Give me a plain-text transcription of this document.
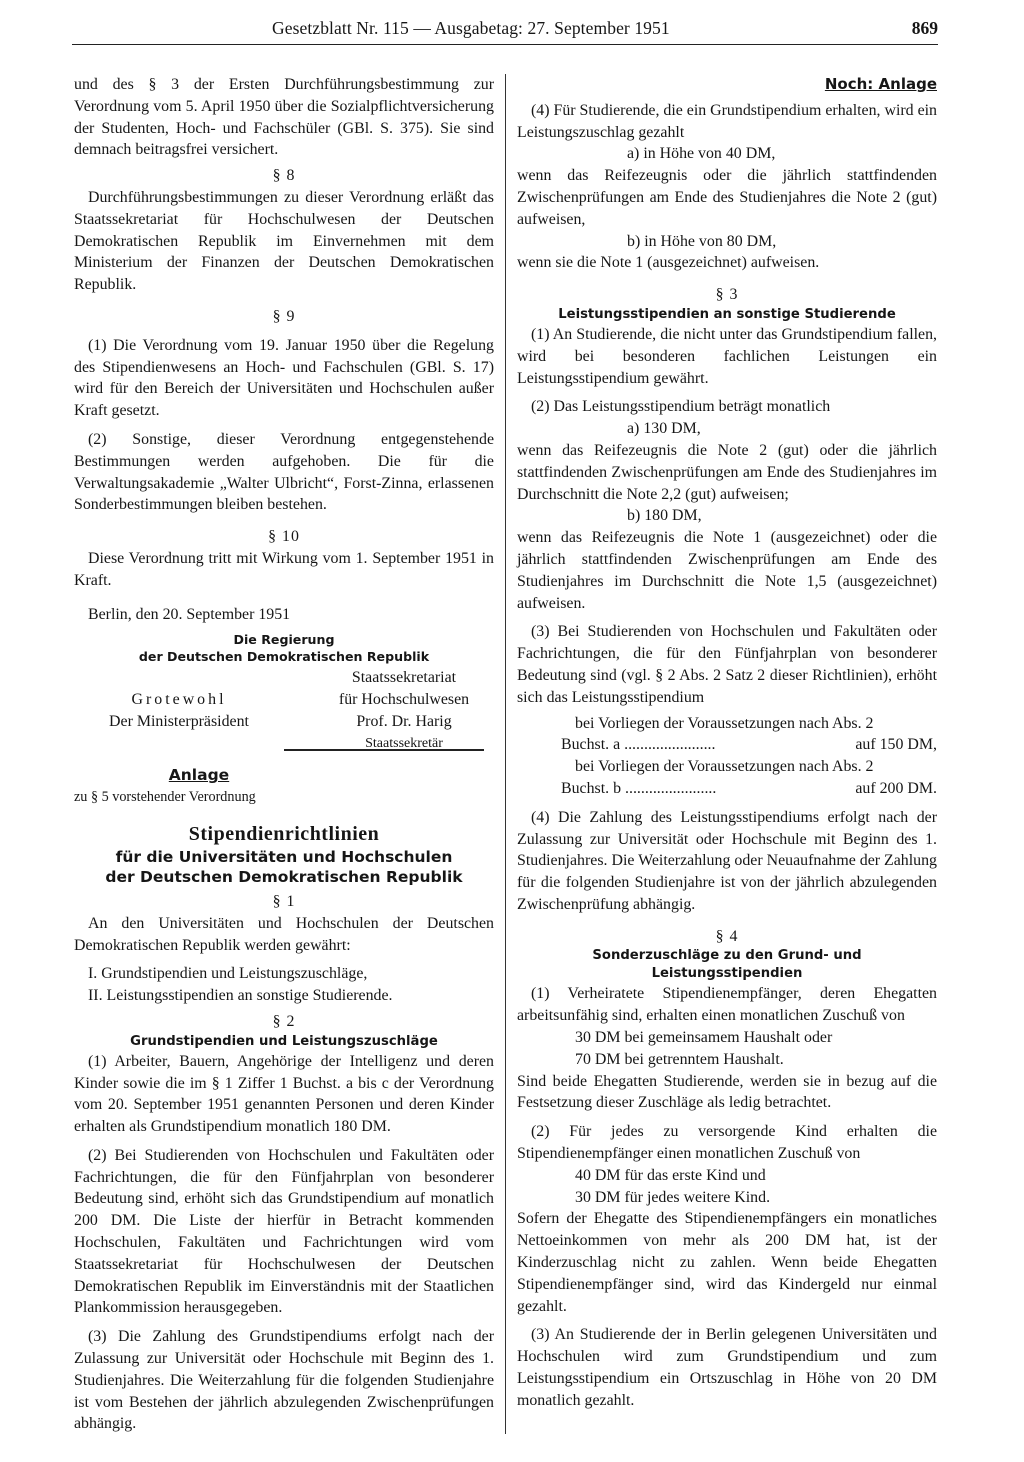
Gesetzblatt Nr. 115 — Ausgabetag: 27. September 1951	869

und des § 3 der Ersten Durchführungsbestimmung zur Verordnung vom 5. April 1950 über die Sozialpflichtversicherung der Studenten, Hoch- und Fachschüler (GBl. S. 375). Sie sind demnach beitragsfrei versichert.

§ 8

Durchführungsbestimmungen zu dieser Verordnung erläßt das Staatssekretariat für Hochschulwesen der Deutschen Demokratischen Republik im Einvernehmen mit dem Ministerium der Finanzen der Deutschen Demokratischen Republik.

§ 9

(1) Die Verordnung vom 19. Januar 1950 über die Regelung des Stipendienwesens an Hoch- und Fachschulen (GBl. S. 17) wird für den Bereich der Universitäten und Hochschulen außer Kraft gesetzt.

(2) Sonstige, dieser Verordnung entgegenstehende Bestimmungen werden aufgehoben. Die für die Verwaltungsakademie „Walter Ulbricht“, Forst-Zinna, erlassenen Sonderbestimmungen bleiben bestehen.

§ 10

Diese Verordnung tritt mit Wirkung vom 1. September 1951 in Kraft.

Berlin, den 20. September 1951

Die Regierung
der Deutschen Demokratischen Republik
Grotewohl
Der Ministerpräsident
Staatssekretariat
für Hochschulwesen
Prof. Dr. Harig
Staatssekretär
Anlage

zu § 5 vorstehender Verordnung

Stipendienrichtlinien
für die Universitäten und Hochschulen
der Deutschen Demokratischen Republik
§ 1

An den Universitäten und Hochschulen der Deutschen Demokratischen Republik werden gewährt:

I. Grundstipendien und Leistungszuschläge,

II. Leistungsstipendien an sonstige Studierende.

§ 2
Grundstipendien und Leistungszuschläge

(1) Arbeiter, Bauern, Angehörige der Intelligenz und deren Kinder sowie die im § 1 Ziffer 1 Buchst. a bis c der Verordnung vom 20. September 1951 genannten Personen und deren Kinder erhalten als Grundstipendium monatlich 180 DM.

(2) Bei Studierenden von Hochschulen und Fakultäten oder Fachrichtungen, die für den Fünfjahrplan von besonderer Bedeutung sind, erhöht sich das Grundstipendium auf monatlich 200 DM. Die Liste der hierfür in Betracht kommenden Hochschulen, Fakultäten und Fachrichtungen wird vom Staatssekretariat für Hochschulwesen der Deutschen Demokratischen Republik im Einverständnis mit der Staatlichen Plankommission herausgegeben.

(3) Die Zahlung des Grundstipendiums erfolgt nach der Zulassung zur Universität oder Hochschule mit Beginn des 1. Studienjahres. Die Weiterzahlung für die folgenden Studienjahre ist vom Bestehen der jährlich abzulegenden Zwischenprüfungen abhängig.

Noch: Anlage

(4) Für Studierende, die ein Grundstipendium erhalten, wird ein Leistungszuschlag gezahlt

a) in Höhe von 40 DM,

wenn das Reifezeugnis oder die jährlich stattfindenden Zwischenprüfungen am Ende des Studienjahres die Note 2 (gut) aufweisen,

b) in Höhe von 80 DM,

wenn sie die Note 1 (ausgezeichnet) aufweisen.

§ 3
Leistungsstipendien an sonstige Studierende

(1) An Studierende, die nicht unter das Grundstipendium fallen, wird bei besonderen fachlichen Leistungen ein Leistungsstipendium gewährt.

(2) Das Leistungsstipendium beträgt monatlich

a) 130 DM,

wenn das Reifezeugnis die Note 2 (gut) oder die jährlich stattfindenden Zwischenprüfungen am Ende des Studienjahres im Durchschnitt die Note 2,2 (gut) aufweisen;

b) 180 DM,

wenn das Reifezeugnis die Note 1 (ausgezeichnet) oder die jährlich stattfindenden Zwischenprüfungen am Ende des Studienjahres im Durchschnitt die Note 1,5 (ausgezeichnet) aufweisen.

(3) Bei Studierenden von Hochschulen und Fakultäten oder Fachrichtungen, die für den Fünfjahrplan von besonderer Bedeutung sind (vgl. § 2 Abs. 2 Satz 2 dieser Richtlinien), erhöht sich das Leistungsstipendium

bei Vorliegen der Voraussetzungen nach Abs. 2

Buchst. a .......................	auf 150 DM,

bei Vorliegen der Voraussetzungen nach Abs. 2

Buchst. b .......................	auf 200 DM.

(4) Die Zahlung des Leistungsstipendiums erfolgt nach der Zulassung zur Universität oder Hochschule mit Beginn des 1. Studienjahres. Die Weiterzahlung oder Neuaufnahme der Zahlung für die folgenden Studienjahre ist von der jährlich abzulegenden Zwischenprüfung abhängig.

§ 4
Sonderzuschläge zu den Grund- und Leistungsstipendien

(1) Verheiratete Stipendienempfänger, deren Ehegatten arbeitsunfähig sind, erhalten einen monatlichen Zuschuß von

30 DM bei gemeinsamem Haushalt oder

70 DM bei getrenntem Haushalt.

Sind beide Ehegatten Studierende, werden sie in bezug auf die Festsetzung dieser Zuschläge als ledig betrachtet.

(2) Für jedes zu versorgende Kind erhalten die Stipendienempfänger einen monatlichen Zuschuß von

40 DM für das erste Kind und

30 DM für jedes weitere Kind.

Sofern der Ehegatte des Stipendienempfängers ein monatliches Nettoeinkommen von mehr als 200 DM hat, ist der Kinderzuschlag nicht zu zahlen. Wenn beide Ehegatten Stipendienempfänger sind, wird das Kindergeld nur einmal gezahlt.

(3) An Studierende der in Berlin gelegenen Universitäten und Hochschulen wird zum Grundstipendium und zum Leistungsstipendium ein Ortszuschlag in Höhe von 20 DM monatlich gezahlt.
